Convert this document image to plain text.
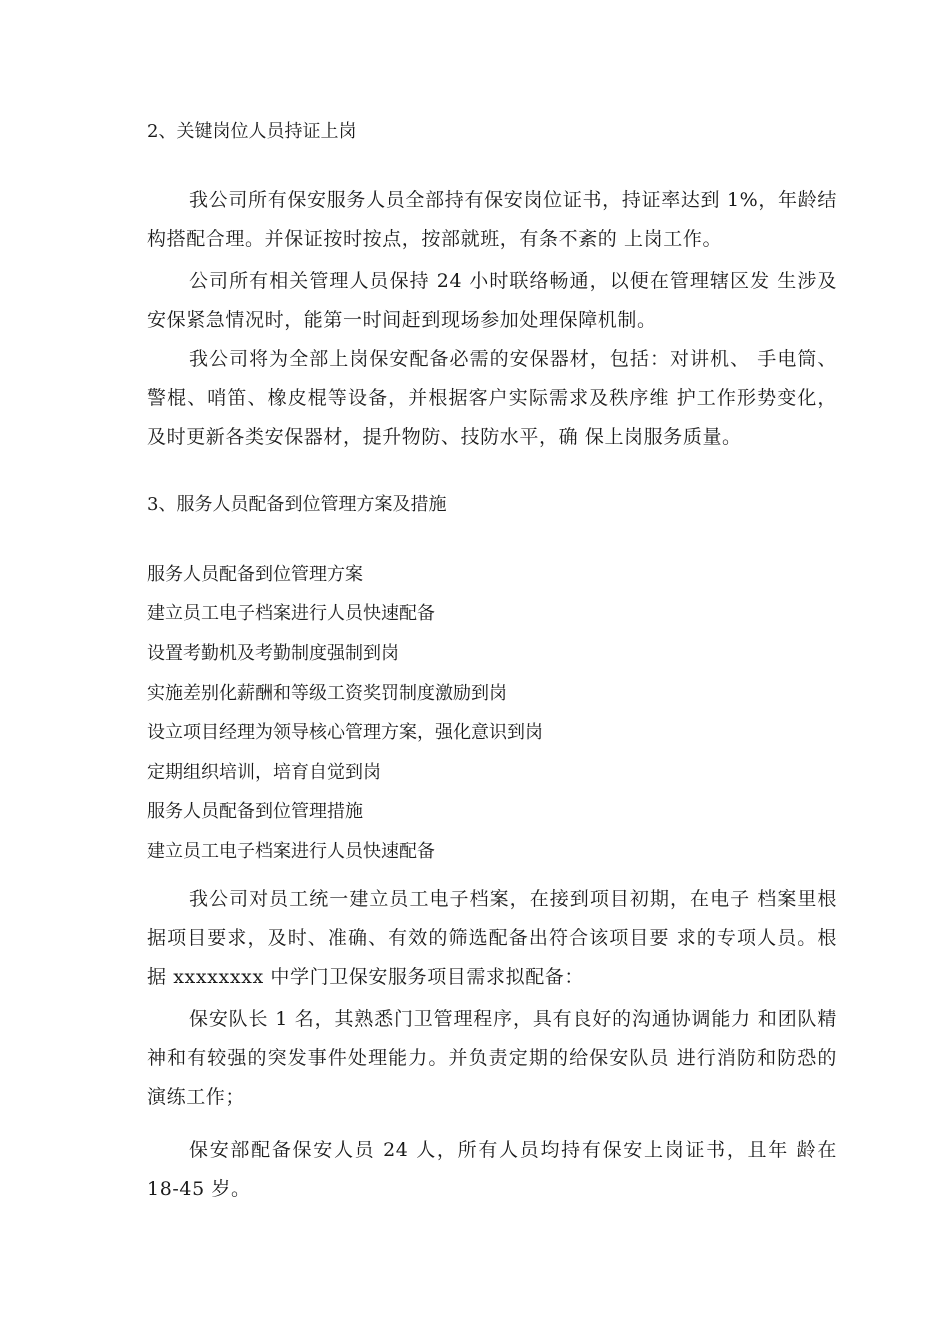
2、关键岗位人员持证上岗
我公司所有保安服务人员全部持有保安岗位证书，持证率达到 1%，年龄结构搭配合理。并保证按时按点，按部就班，有条不紊的 上岗工作。
公司所有相关管理人员保持 24 小时联络畅通，以便在管理辖区发 生涉及安保紧急情况时，能第一时间赶到现场参加处理保障机制。
我公司将为全部上岗保安配备必需的安保器材，包括：对讲机、 手电筒、警棍、哨笛、橡皮棍等设备，并根据客户实际需求及秩序维 护工作形势变化，及时更新各类安保器材，提升物防、技防水平，确 保上岗服务质量。
3、服务人员配备到位管理方案及措施
服务人员配备到位管理方案
建立员工电子档案进行人员快速配备
设置考勤机及考勤制度强制到岗
实施差别化薪酬和等级工资奖罚制度激励到岗
设立项目经理为领导核心管理方案，强化意识到岗
定期组织培训，培育自觉到岗
服务人员配备到位管理措施
建立员工电子档案进行人员快速配备
我公司对员工统一建立员工电子档案，在接到项目初期，在电子 档案里根据项目要求，及时、准确、有效的筛选配备出符合该项目要 求的专项人员。根据 xxxxxxxx 中学门卫保安服务项目需求拟配备：
保安队长 1 名，其熟悉门卫管理程序，具有良好的沟通协调能力 和团队精神和有较强的突发事件处理能力。并负责定期的给保安队员 进行消防和防恐的演练工作；
保安部配备保安人员 24 人，所有人员均持有保安上岗证书，且年 龄在 18-45 岁。
